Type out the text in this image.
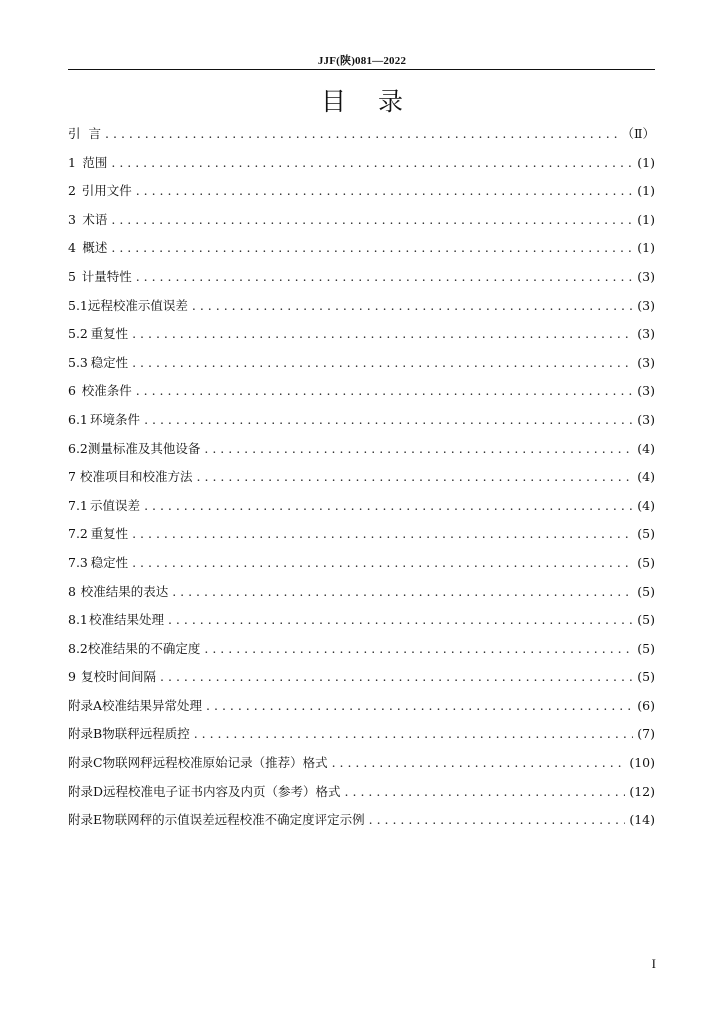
JJF(陕)081—2022
目录
引 言 . . .	（Ⅱ）
1 范围 . . .	(1)
2 引用文件 . . .	(1)
3 术语 . . .	(1)
4 概述 . . .	(1)
5 计量特性 . . .	(3)
5.1 远程校准示值误差 . . .	(3)
5.2 重复性 . . .	(3)
5.3 稳定性 . . .	(3)
6 校准条件 . . .	(3)
6.1 环境条件 . . .	(3)
6.2 测量标准及其他设备 . . .	(4)
7 校准项目和校准方法 . . .	(4)
7.1 示值误差 . . .	(4)
7.2 重复性 . . .	(5)
7.3 稳定性 . . .	(5)
8 校准结果的表达 . . .	(5)
8.1 校准结果处理 . . .	(5)
8.2 校准结果的不确定度 . . .	(5)
9 复校时间间隔 . . .	(5)
附录A 校准结果异常处理 . . .	(6)
附录B 物联秤远程质控 . . .	(7)
附录C 物联网秤远程校准原始记录（推荐）格式 . . .	(10)
附录D 远程校准电子证书内容及内页（参考）格式 . . .	(12)
附录E 物联网秤的示值误差远程校准不确定度评定示例 . . .	(14)
I
